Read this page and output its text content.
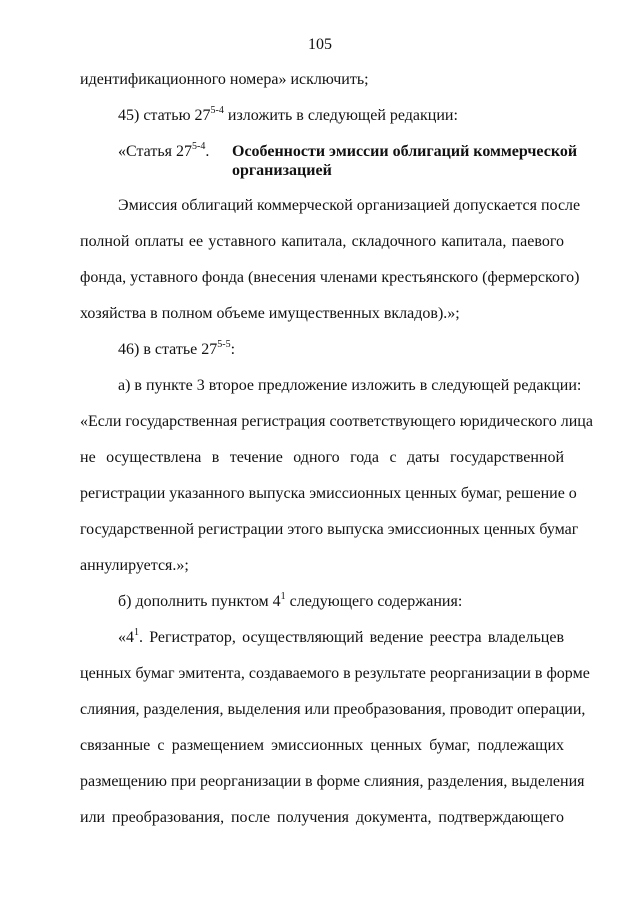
105
идентификационного номера» исключить;
45) статью 27$^{5-4}$ изложить в следующей редакции:
«Статья 27$^{5-4}$. Особенности эмиссии облигаций коммерческой
организацией
Эмиссия облигаций коммерческой организацией допускается после
полной оплаты ее уставного капитала, складочного капитала, паевого
фонда, уставного фонда (внесения членами крестьянского (фермерского)
хозяйства в полном объеме имущественных вкладов).»;
46) в статье 27$^{5-5}$:
а) в пункте 3 второе предложение изложить в следующей редакции:
«Если государственная регистрация соответствующего юридического лица
не осуществлена в течение одного года с даты государственной
регистрации указанного выпуска эмиссионных ценных бумаг, решение о
государственной регистрации этого выпуска эмиссионных ценных бумаг
аннулируется.»;
б) дополнить пунктом $4^1$ следующего содержания:
«$4^1$. Регистратор, осуществляющий ведение реестра владельцев
ценных бумаг эмитента, создаваемого в результате реорганизации в форме
слияния, разделения, выделения или преобразования, проводит операции,
связанные с размещением эмиссионных ценных бумаг, подлежащих
размещению при реорганизации в форме слияния, разделения, выделения
или преобразования, после получения документа, подтверждающего
